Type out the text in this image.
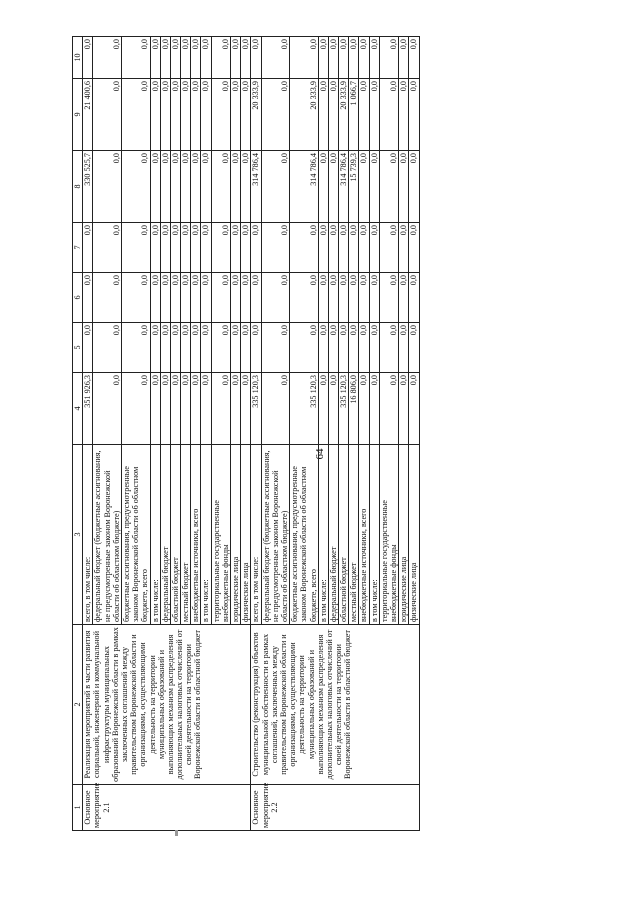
64
1	2	3	4	5	6	7	8	9	10
Основное мероприятие 2.1	Реализация мероприятий в части развития социальной, инженерной и коммунальной инфраструктуры муниципальных образований Воронежской области в рамках заключенных соглашений между правительством Воронежской области и организациями, осуществляющими деятельность на территории муниципальных образований и выполняющих механизм распределения дополнительных налоговых отчислений от своей деятельности на территории Воронежской области в областной бюджет	всего, в том числе:	351 926,3	0,0	0,0	0,0	330 525,7	21 400,6	0,0
		федеральный бюджет (бюджетные ассигнования, не предусмотренные законом Воронежской области об областном бюджете)	0,0	0,0	0,0	0,0	0,0	0,0	0,0
		бюджетные ассигнования, предусмотренные законом Воронежской области об областном бюджете, всего	0,0	0,0	0,0	0,0	0,0	0,0	0,0
		в том числе:	0,0	0,0	0,0	0,0	0,0	0,0	0,0
		федеральный бюджет	0,0	0,0	0,0	0,0	0,0	0,0	0,0
		областной бюджет	0,0	0,0	0,0	0,0	0,0	0,0	0,0
		местный бюджет	0,0	0,0	0,0	0,0	0,0	0,0	0,0
		внебюджетные источники, всего	0,0	0,0	0,0	0,0	0,0	0,0	0,0
		в том числе:	0,0	0,0	0,0	0,0	0,0	0,0	0,0
		территориальные государственные внебюджетные фонды	0,0	0,0	0,0	0,0	0,0	0,0	0,0
		юридические лица	0,0	0,0	0,0	0,0	0,0	0,0	0,0
		физические лица	0,0	0,0	0,0	0,0	0,0	0,0	0,0
Основное мероприятие 2.2	Строительство (реконструкция) объектов муниципальной собственности в рамках соглашений, заключенных между правительством Воронежской области и организациями, осуществляющими деятельность на территории муниципальных образований и выполняющих механизм распределения дополнительных налоговых отчислений от своей деятельности на территории Воронежской области в областной бюджет	всего, в том числе:	335 120,3	0,0	0,0	0,0	314 786,4	20 333,9	0,0
		федеральный бюджет (бюджетные ассигнования, не предусмотренные законом Воронежской области об областном бюджете)	0,0	0,0	0,0	0,0	0,0	0,0	0,0
		бюджетные ассигнования, предусмотренные законом Воронежской области об областном бюджете, всего	335 120,3	0,0	0,0	0,0	314 786,4	20 333,9	0,0
		в том числе:	0,0	0,0	0,0	0,0	0,0	0,0	0,0
		федеральный бюджет	0,0	0,0	0,0	0,0	0,0	0,0	0,0
		областной бюджет	335 120,3	0,0	0,0	0,0	314 786,4	20 333,9	0,0
		местный бюджет	16 806,0	0,0	0,0	0,0	15 739,3	1 066,7	0,0
		внебюджетные источники, всего	0,0	0,0	0,0	0,0	0,0	0,0	0,0
		в том числе:	0,0	0,0	0,0	0,0	0,0	0,0	0,0
		территориальные государственные внебюджетные фонды	0,0	0,0	0,0	0,0	0,0	0,0	0,0
		юридические лица	0,0	0,0	0,0	0,0	0,0	0,0	0,0
		физические лица	0,0	0,0	0,0	0,0	0,0	0,0	0,0
